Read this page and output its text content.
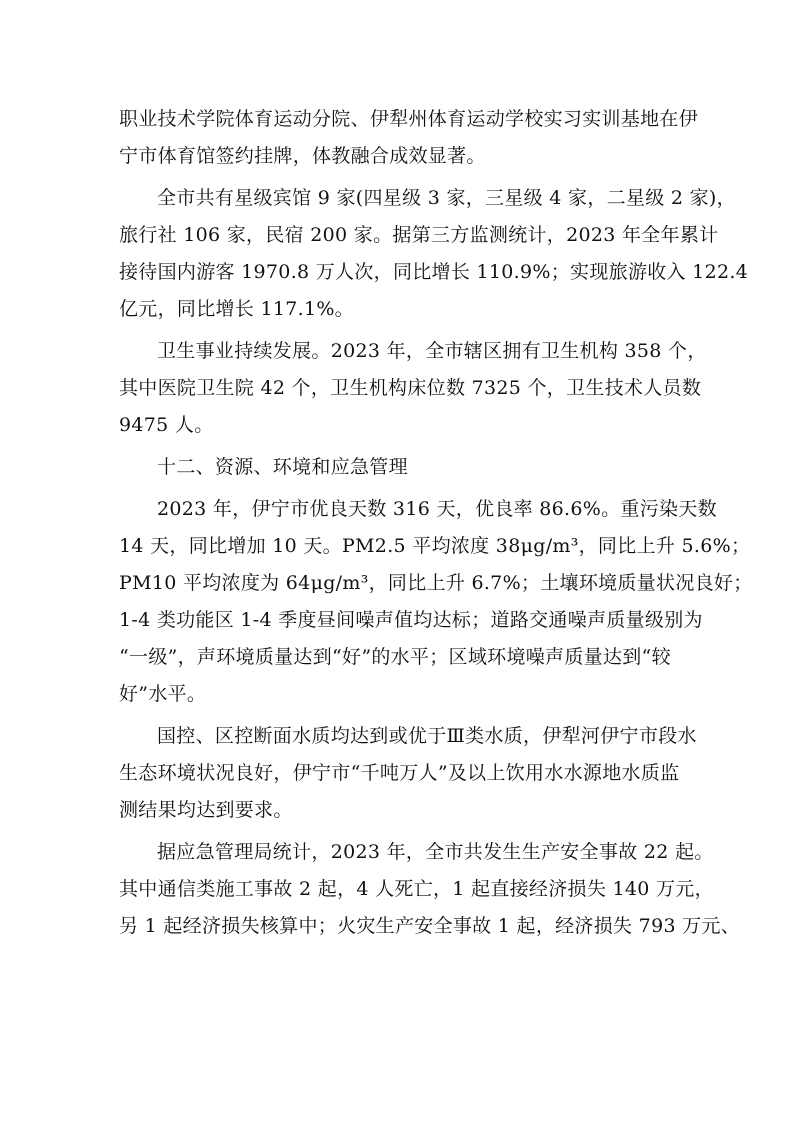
职业技术学院体育运动分院、伊犁州体育运动学校实习实训基地在伊
宁市体育馆签约挂牌，体教融合成效显著。
全市共有星级宾馆 9 家(四星级 3 家，三星级 4 家，二星级 2 家)，
旅行社 106 家，民宿 200 家。据第三方监测统计，2023 年全年累计
接待国内游客 1970.8 万人次，同比增长 110.9%；实现旅游收入 122.4
亿元，同比增长 117.1%。
卫生事业持续发展。2023 年，全市辖区拥有卫生机构 358 个，
其中医院卫生院 42 个，卫生机构床位数 7325 个，卫生技术人员数
9475 人。
十二、资源、环境和应急管理
2023 年，伊宁市优良天数 316 天，优良率 86.6%。重污染天数
14 天，同比增加 10 天。PM2.5 平均浓度 38μg/m³，同比上升 5.6%；
PM10 平均浓度为 64μg/m³，同比上升 6.7%；土壤环境质量状况良好；
1-4 类功能区 1-4 季度昼间噪声值均达标；道路交通噪声质量级别为
“一级”，声环境质量达到“好”的水平；区域环境噪声质量达到“较
好”水平。
国控、区控断面水质均达到或优于Ⅲ类水质，伊犁河伊宁市段水
生态环境状况良好，伊宁市“千吨万人”及以上饮用水水源地水质监
测结果均达到要求。
据应急管理局统计，2023 年，全市共发生生产安全事故 22 起。
其中通信类施工事故 2 起，4 人死亡，1 起直接经济损失 140 万元，
另 1 起经济损失核算中；火灾生产安全事故 1 起，经济损失 793 万元、
